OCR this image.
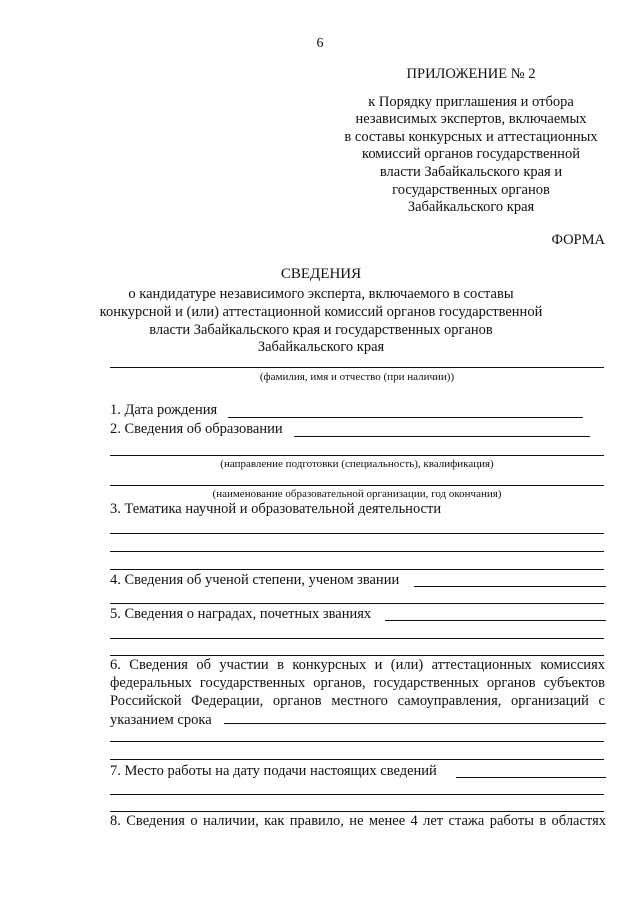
6
ПРИЛОЖЕНИЕ № 2
к Порядку приглашения и отбора
независимых экспертов, включаемых
в составы конкурсных и аттестационных
комиссий органов государственной
власти Забайкальского края и
государственных органов
Забайкальского края
ФОРМА
СВЕДЕНИЯ
о кандидатуре независимого эксперта, включаемого в составы
конкурсной и (или) аттестационной комиссий органов государственной
власти Забайкальского края и государственных органов
Забайкальского края
(фамилия, имя и отчество (при наличии))
1. Дата рождения
2. Сведения об образовании
(направление подготовки (специальность), квалификация)
(наименование образовательной организации, год окончания)
3. Тематика научной и образовательной деятельности
4. Сведения об ученой степени, ученом звании
5. Сведения о наградах, почетных званиях
6. Сведения об участии в конкурсных и (или) аттестационных комиссиях
федеральных государственных органов, государственных органов субъектов
Российской Федерации, органов местного самоуправления, организаций с
указанием срока
7. Место работы на дату подачи настоящих сведений
8. Сведения о наличии, как правило, не менее 4 лет стажа работы в областях
